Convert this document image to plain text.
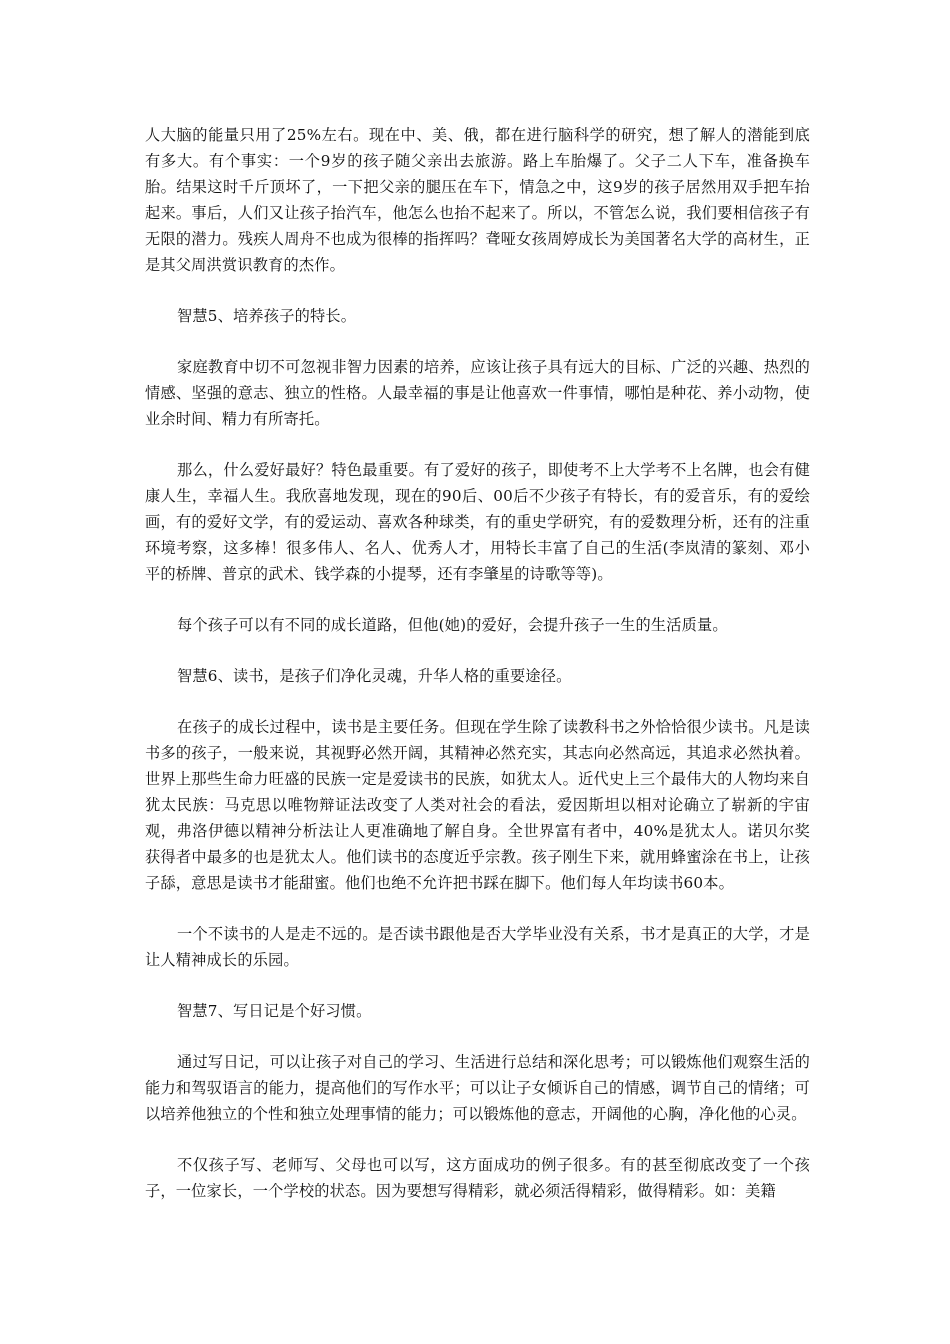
人大脑的能量只用了25%左右。现在中、美、俄，都在进行脑科学的研究，想了解人的潜能到底有多大。有个事实：一个9岁的孩子随父亲出去旅游。路上车胎爆了。父子二人下车，准备换车胎。结果这时千斤顶坏了，一下把父亲的腿压在车下，情急之中，这9岁的孩子居然用双手把车抬起来。事后，人们又让孩子抬汽车，他怎么也抬不起来了。所以，不管怎么说，我们要相信孩子有无限的潜力。残疾人周舟不也成为很棒的指挥吗？聋哑女孩周婷成长为美国著名大学的高材生，正是其父周洪赏识教育的杰作。

智慧5、培养孩子的特长。

家庭教育中切不可忽视非智力因素的培养，应该让孩子具有远大的目标、广泛的兴趣、热烈的情感、坚强的意志、独立的性格。人最幸福的事是让他喜欢一件事情，哪怕是种花、养小动物，使业余时间、精力有所寄托。

那么，什么爱好最好？特色最重要。有了爱好的孩子，即使考不上大学考不上名牌，也会有健康人生，幸福人生。我欣喜地发现，现在的90后、00后不少孩子有特长，有的爱音乐，有的爱绘画，有的爱好文学，有的爱运动、喜欢各种球类，有的重史学研究，有的爱数理分析，还有的注重环境考察，这多棒！很多伟人、名人、优秀人才，用特长丰富了自己的生活(李岚清的篆刻、邓小平的桥牌、普京的武术、钱学森的小提琴，还有李肇星的诗歌等等)。

每个孩子可以有不同的成长道路，但他(她)的爱好，会提升孩子一生的生活质量。

智慧6、读书，是孩子们净化灵魂，升华人格的重要途径。

在孩子的成长过程中，读书是主要任务。但现在学生除了读教科书之外恰恰很少读书。凡是读书多的孩子，一般来说，其视野必然开阔，其精神必然充实，其志向必然高远，其追求必然执着。世界上那些生命力旺盛的民族一定是爱读书的民族，如犹太人。近代史上三个最伟大的人物均来自犹太民族：马克思以唯物辩证法改变了人类对社会的看法，爱因斯坦以相对论确立了崭新的宇宙观，弗洛伊德以精神分析法让人更准确地了解自身。全世界富有者中，40%是犹太人。诺贝尔奖获得者中最多的也是犹太人。他们读书的态度近乎宗教。孩子刚生下来，就用蜂蜜涂在书上，让孩子舔，意思是读书才能甜蜜。他们也绝不允许把书踩在脚下。他们每人年均读书60本。

一个不读书的人是走不远的。是否读书跟他是否大学毕业没有关系，书才是真正的大学，才是让人精神成长的乐园。

智慧7、写日记是个好习惯。

通过写日记，可以让孩子对自己的学习、生活进行总结和深化思考；可以锻炼他们观察生活的能力和驾驭语言的能力，提高他们的写作水平；可以让子女倾诉自己的情感，调节自己的情绪；可以培养他独立的个性和独立处理事情的能力；可以锻炼他的意志，开阔他的心胸，净化他的心灵。

不仅孩子写、老师写、父母也可以写，这方面成功的例子很多。有的甚至彻底改变了一个孩子，一位家长，一个学校的状态。因为要想写得精彩，就必须活得精彩，做得精彩。如：美籍
